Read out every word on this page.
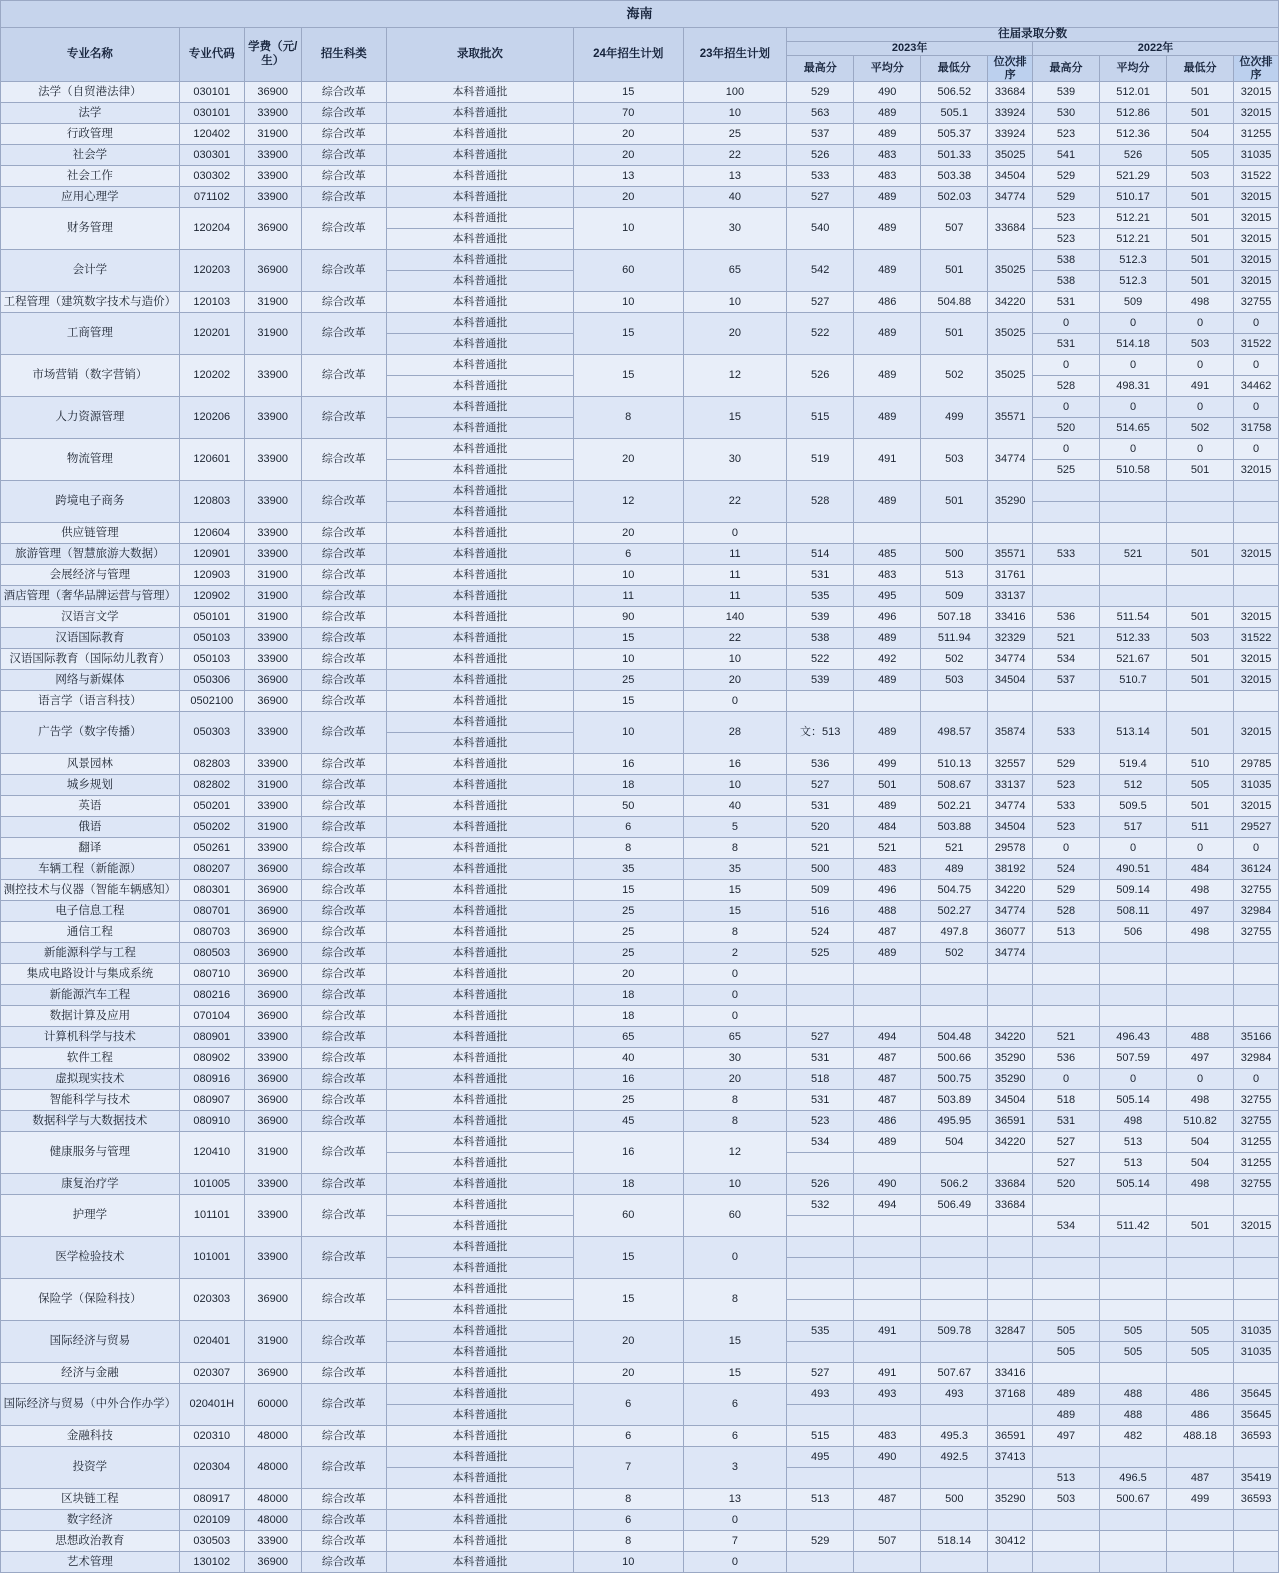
海南														
专业名称	专业代码	学费（元/生）	招生科类	录取批次	24年招生计划	23年招生计划	往届录取分数							
							2023年				2022年			
							最高分	平均分	最低分	位次排序	最高分	平均分	最低分	位次排序
法学（自贸港法律）	030101	36900	综合改革	本科普通批	15	100	529	490	506.52	33684	539	512.01	501	32015
法学	030101	33900	综合改革	本科普通批	70	10	563	489	505.1	33924	530	512.86	501	32015
行政管理	120402	31900	综合改革	本科普通批	20	25	537	489	505.37	33924	523	512.36	504	31255
社会学	030301	33900	综合改革	本科普通批	20	22	526	483	501.33	35025	541	526	505	31035
社会工作	030302	33900	综合改革	本科普通批	13	13	533	483	503.38	34504	529	521.29	503	31522
应用心理学	071102	33900	综合改革	本科普通批	20	40	527	489	502.03	34774	529	510.17	501	32015
财务管理	120204	36900	综合改革	本科普通批	10	30	540	489	507	33684	523	512.21	501	32015
				本科普通批							523	512.21	501	32015
会计学	120203	36900	综合改革	本科普通批	60	65	542	489	501	35025	538	512.3	501	32015
				本科普通批							538	512.3	501	32015
工程管理（建筑数字技术与造价）	120103	31900	综合改革	本科普通批	10	10	527	486	504.88	34220	531	509	498	32755
工商管理	120201	31900	综合改革	本科普通批	15	20	522	489	501	35025	0	0	0	0
				本科普通批							531	514.18	503	31522
市场营销（数字营销）	120202	33900	综合改革	本科普通批	15	12	526	489	502	35025	0	0	0	0
				本科普通批							528	498.31	491	34462
人力资源管理	120206	33900	综合改革	本科普通批	8	15	515	489	499	35571	0	0	0	0
				本科普通批							520	514.65	502	31758
物流管理	120601	33900	综合改革	本科普通批	20	30	519	491	503	34774	0	0	0	0
				本科普通批							525	510.58	501	32015
跨境电子商务	120803	33900	综合改革	本科普通批	12	22	528	489	501	35290				
				本科普通批										
供应链管理	120604	33900	综合改革	本科普通批	20	0								
旅游管理（智慧旅游大数据）	120901	33900	综合改革	本科普通批	6	11	514	485	500	35571	533	521	501	32015
会展经济与管理	120903	31900	综合改革	本科普通批	10	11	531	483	513	31761				
酒店管理（奢华品牌运营与管理）	120902	31900	综合改革	本科普通批	11	11	535	495	509	33137				
汉语言文学	050101	31900	综合改革	本科普通批	90	140	539	496	507.18	33416	536	511.54	501	32015
汉语国际教育	050103	33900	综合改革	本科普通批	15	22	538	489	511.94	32329	521	512.33	503	31522
汉语国际教育（国际幼儿教育）	050103	33900	综合改革	本科普通批	10	10	522	492	502	34774	534	521.67	501	32015
网络与新媒体	050306	36900	综合改革	本科普通批	25	20	539	489	503	34504	537	510.7	501	32015
语言学（语言科技）	0502100	36900	综合改革	本科普通批	15	0								
广告学（数字传播）	050303	33900	综合改革	本科普通批	10	28	文：513	489	498.57	35874	533	513.14	501	32015
				本科普通批										
风景园林	082803	33900	综合改革	本科普通批	16	16	536	499	510.13	32557	529	519.4	510	29785
城乡规划	082802	31900	综合改革	本科普通批	18	10	527	501	508.67	33137	523	512	505	31035
英语	050201	33900	综合改革	本科普通批	50	40	531	489	502.21	34774	533	509.5	501	32015
俄语	050202	31900	综合改革	本科普通批	6	5	520	484	503.88	34504	523	517	511	29527
翻译	050261	33900	综合改革	本科普通批	8	8	521	521	521	29578	0	0	0	0
车辆工程（新能源）	080207	36900	综合改革	本科普通批	35	35	500	483	489	38192	524	490.51	484	36124
测控技术与仪器（智能车辆感知）	080301	36900	综合改革	本科普通批	15	15	509	496	504.75	34220	529	509.14	498	32755
电子信息工程	080701	36900	综合改革	本科普通批	25	15	516	488	502.27	34774	528	508.11	497	32984
通信工程	080703	36900	综合改革	本科普通批	25	8	524	487	497.8	36077	513	506	498	32755
新能源科学与工程	080503	36900	综合改革	本科普通批	25	2	525	489	502	34774				
集成电路设计与集成系统	080710	36900	综合改革	本科普通批	20	0								
新能源汽车工程	080216	36900	综合改革	本科普通批	18	0								
数据计算及应用	070104	36900	综合改革	本科普通批	18	0								
计算机科学与技术	080901	33900	综合改革	本科普通批	65	65	527	494	504.48	34220	521	496.43	488	35166
软件工程	080902	33900	综合改革	本科普通批	40	30	531	487	500.66	35290	536	507.59	497	32984
虚拟现实技术	080916	36900	综合改革	本科普通批	16	20	518	487	500.75	35290	0	0	0	0
智能科学与技术	080907	36900	综合改革	本科普通批	25	8	531	487	503.89	34504	518	505.14	498	32755
数据科学与大数据技术	080910	36900	综合改革	本科普通批	45	8	523	486	495.95	36591	531	498	510.82	32755
健康服务与管理	120410	31900	综合改革	本科普通批	16	12	534	489	504	34220	527	513	504	31255
				本科普通批							527	513	504	31255
康复治疗学	101005	33900	综合改革	本科普通批	18	10	526	490	506.2	33684	520	505.14	498	32755
护理学	101101	33900	综合改革	本科普通批	60	60	532	494	506.49	33684				
				本科普通批							534	511.42	501	32015
医学检验技术	101001	33900	综合改革	本科普通批	15	0								
				本科普通批										
保险学（保险科技）	020303	36900	综合改革	本科普通批	15	8								
				本科普通批										
国际经济与贸易	020401	31900	综合改革	本科普通批	20	15	535	491	509.78	32847	505	505	505	31035
				本科普通批							505	505	505	31035
经济与金融	020307	36900	综合改革	本科普通批	20	15	527	491	507.67	33416				
国际经济与贸易（中外合作办学）	020401H	60000	综合改革	本科普通批	6	6	493	493	493	37168	489	488	486	35645
				本科普通批							489	488	486	35645
金融科技	020310	48000	综合改革	本科普通批	6	6	515	483	495.3	36591	497	482	488.18	36593
投资学	020304	48000	综合改革	本科普通批	7	3	495	490	492.5	37413				
				本科普通批							513	496.5	487	35419
区块链工程	080917	48000	综合改革	本科普通批	8	13	513	487	500	35290	503	500.67	499	36593
数字经济	020109	48000	综合改革	本科普通批	6	0								
思想政治教育	030503	33900	综合改革	本科普通批	8	7	529	507	518.14	30412				
艺术管理	130102	36900	综合改革	本科普通批	10	0								
